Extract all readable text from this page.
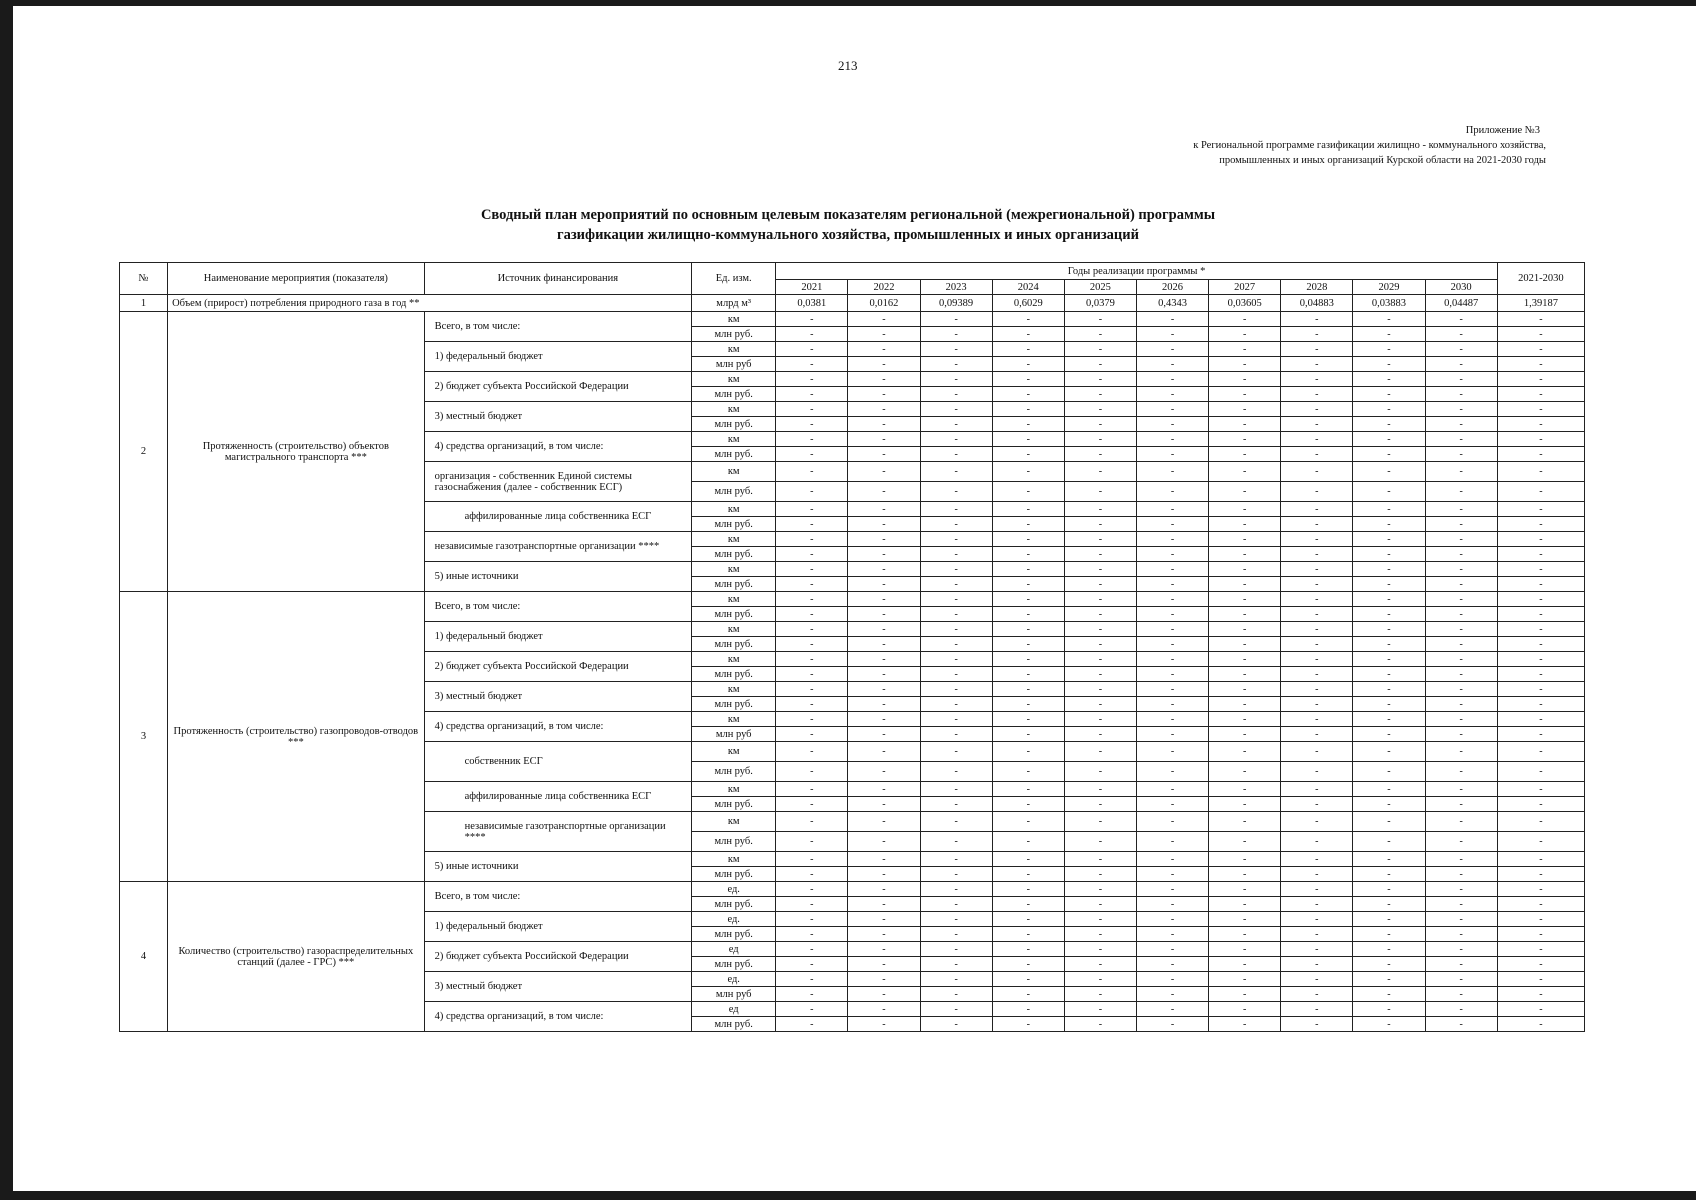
213
Приложение №3
к Региональной программе газификации жилищно - коммунального хозяйства,
промышленных и иных организаций Курской области на 2021-2030 годы
Сводный план мероприятий по основным целевым показателям региональной (межрегиональной) программы
газификации жилищно-коммунального хозяйства, промышленных и иных организаций
№	Наименование мероприятия (показателя)	Источник финансирования	Ед. изм.	Годы реализации программы *										2021-2030
				2021	2022	2023	2024	2025	2026	2027	2028	2029	2030	
1	Объем (прирост) потребления природного газа в год **		млрд м³	0,0381	0,0162	0,09389	0,6029	0,0379	0,4343	0,03605	0,04883	0,03883	0,04487	1,39187
2	Протяженность (строительство) объектов магистрального транспорта ***	Всего, в том числе:	км	-	-	-	-	-	-	-	-	-	-	-
			млн руб.	-	-	-	-	-	-	-	-	-	-	-
		1) федеральный бюджет	км	-	-	-	-	-	-	-	-	-	-	-
			млн руб	-	-	-	-	-	-	-	-	-	-	-
		2) бюджет субъекта Российской Федерации	км	-	-	-	-	-	-	-	-	-	-	-
			млн руб.	-	-	-	-	-	-	-	-	-	-	-
		3) местный бюджет	км	-	-	-	-	-	-	-	-	-	-	-
			млн руб.	-	-	-	-	-	-	-	-	-	-	-
		4) средства организаций, в том числе:	км	-	-	-	-	-	-	-	-	-	-	-
			млн руб.	-	-	-	-	-	-	-	-	-	-	-
		организация - собственник Единой системы газоснабжения (далее - собственник ЕСГ)	км	-	-	-	-	-	-	-	-	-	-	-
			млн руб.	-	-	-	-	-	-	-	-	-	-	-
		аффилированные лица собственника ЕСГ	км	-	-	-	-	-	-	-	-	-	-	-
			млн руб.	-	-	-	-	-	-	-	-	-	-	-
		независимые газотранспортные организации ****	км	-	-	-	-	-	-	-	-	-	-	-
			млн руб.	-	-	-	-	-	-	-	-	-	-	-
		5) иные источники	км	-	-	-	-	-	-	-	-	-	-	-
			млн руб.	-	-	-	-	-	-	-	-	-	-	-
3	Протяженность (строительство) газопроводов-отводов ***	Всего, в том числе:	км	-	-	-	-	-	-	-	-	-	-	-
			млн руб.	-	-	-	-	-	-	-	-	-	-	-
		1) федеральный бюджет	км	-	-	-	-	-	-	-	-	-	-	-
			млн руб.	-	-	-	-	-	-	-	-	-	-	-
		2) бюджет субъекта Российской Федерации	км	-	-	-	-	-	-	-	-	-	-	-
			млн руб.	-	-	-	-	-	-	-	-	-	-	-
		3) местный бюджет	км	-	-	-	-	-	-	-	-	-	-	-
			млн руб.	-	-	-	-	-	-	-	-	-	-	-
		4) средства организаций, в том числе:	км	-	-	-	-	-	-	-	-	-	-	-
			млн руб	-	-	-	-	-	-	-	-	-	-	-
		собственник ЕСГ	км	-	-	-	-	-	-	-	-	-	-	-
			млн руб.	-	-	-	-	-	-	-	-	-	-	-
		аффилированные лица собственника ЕСГ	км	-	-	-	-	-	-	-	-	-	-	-
			млн руб.	-	-	-	-	-	-	-	-	-	-	-
		независимые газотранспортные организации ****	км	-	-	-	-	-	-	-	-	-	-	-
			млн руб.	-	-	-	-	-	-	-	-	-	-	-
		5) иные источники	км	-	-	-	-	-	-	-	-	-	-	-
			млн руб.	-	-	-	-	-	-	-	-	-	-	-
4	Количество (строительство) газораспределительных станций (далее - ГРС) ***	Всего, в том числе:	ед.	-	-	-	-	-	-	-	-	-	-	-
			млн руб.	-	-	-	-	-	-	-	-	-	-	-
		1) федеральный бюджет	ед.	-	-	-	-	-	-	-	-	-	-	-
			млн руб.	-	-	-	-	-	-	-	-	-	-	-
		2) бюджет субъекта Российской Федерации	ед	-	-	-	-	-	-	-	-	-	-	-
			млн руб.	-	-	-	-	-	-	-	-	-	-	-
		3) местный бюджет	ед.	-	-	-	-	-	-	-	-	-	-	-
			млн руб	-	-	-	-	-	-	-	-	-	-	-
		4) средства организаций, в том числе:	ед	-	-	-	-	-	-	-	-	-	-	-
			млн руб.	-	-	-	-	-	-	-	-	-	-	-
